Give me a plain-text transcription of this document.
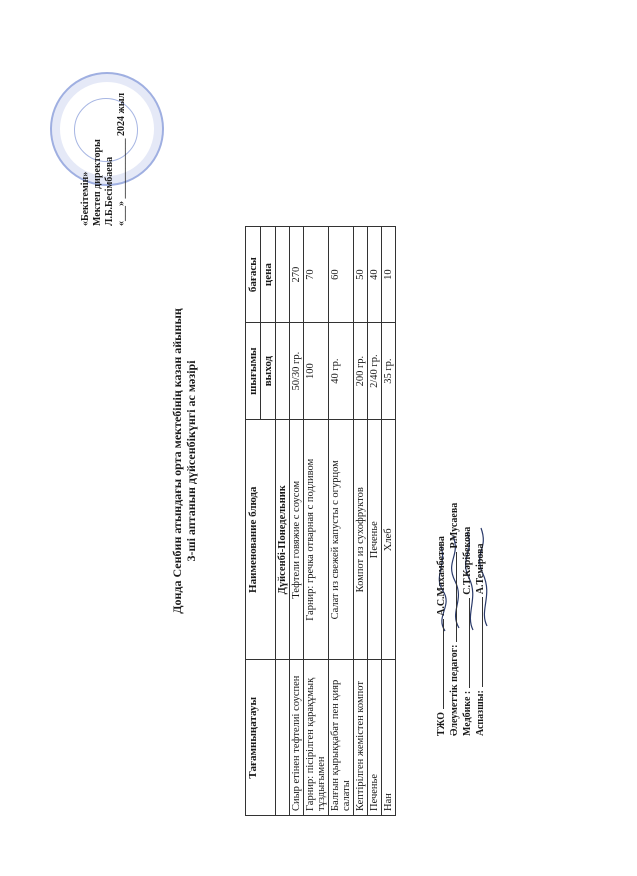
«Бекітемін» Мектеп директоры Л.Б.Бесімбаева «___» ____________ 2024 жыл
Донда Сенбин атындағы орта мектебінің казан айының 3-ші аптанын дүйсенбікүнгі ас мәзірі
Тағамныңатауы	Наименование блюда	шығымы	бағасы
		выход	цена
	Дүйсенбі-Понедельник		
Сиыр етінен тефтелиі соуспен	Тефтели говяжие с соусом	50/30 гр.	270
Гарнир: пісірілген қарақұмық тұздығымен	Гарнир: гречка отварная с подливом	100	70
Балғын қырыққабат пен қияр салаты	Салат из свежей капусты с огурцом	40 гр.	60
Кептірілген жемістен компот	Компот из сухофруктов	200 гр.	50
Печенье	Печенье	2/40 гр.	40
Нан	Хлеб	35 гр.	10
ТЖОА.С.Махамбетова
Әлеуметтік педагог:Р.Мусаева
Медбике :С.Т.Кәрібекова
Аспазшы:А.Темірова
